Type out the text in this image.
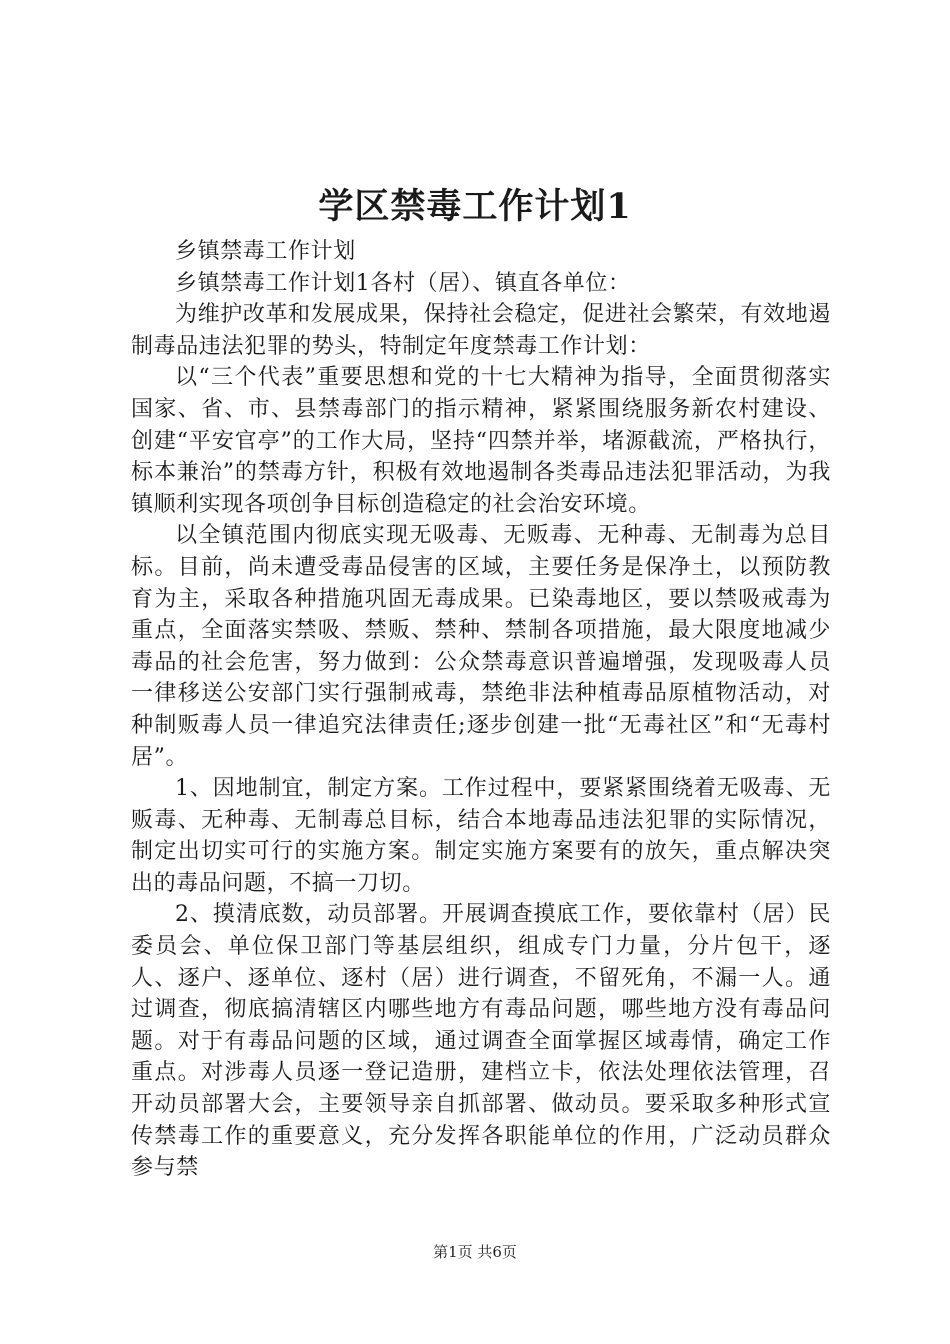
学区禁毒工作计划1

乡镇禁毒工作计划

乡镇禁毒工作计划1各村（居）、镇直各单位：

为维护改革和发展成果，保持社会稳定，促进社会繁荣，有效地遏制毒品违法犯罪的势头，特制定年度禁毒工作计划：

以“三个代表”重要思想和党的十七大精神为指导，全面贯彻落实国家、省、市、县禁毒部门的指示精神，紧紧围绕服务新农村建设、创建“平安官亭”的工作大局，坚持“四禁并举，堵源截流，严格执行，标本兼治”的禁毒方针，积极有效地遏制各类毒品违法犯罪活动，为我镇顺利实现各项创争目标创造稳定的社会治安环境。

以全镇范围内彻底实现无吸毒、无贩毒、无种毒、无制毒为总目标。目前，尚未遭受毒品侵害的区域，主要任务是保净土，以预防教育为主，采取各种措施巩固无毒成果。已染毒地区，要以禁吸戒毒为重点，全面落实禁吸、禁贩、禁种、禁制各项措施，最大限度地减少毒品的社会危害，努力做到：公众禁毒意识普遍增强，发现吸毒人员一律移送公安部门实行强制戒毒，禁绝非法种植毒品原植物活动，对种制贩毒人员一律追究法律责任;逐步创建一批“无毒社区”和“无毒村居”。

1、因地制宜，制定方案。工作过程中，要紧紧围绕着无吸毒、无贩毒、无种毒、无制毒总目标，结合本地毒品违法犯罪的实际情况，制定出切实可行的实施方案。制定实施方案要有的放矢，重点解决突出的毒品问题，不搞一刀切。

2、摸清底数，动员部署。开展调查摸底工作，要依靠村（居）民委员会、单位保卫部门等基层组织，组成专门力量，分片包干，逐人、逐户、逐单位、逐村（居）进行调查，不留死角，不漏一人。通过调查，彻底搞清辖区内哪些地方有毒品问题，哪些地方没有毒品问题。对于有毒品问题的区域，通过调查全面掌握区域毒情，确定工作重点。对涉毒人员逐一登记造册，建档立卡，依法处理依法管理，召开动员部署大会，主要领导亲自抓部署、做动员。要采取多种形式宣传禁毒工作的重要意义，充分发挥各职能单位的作用，广泛动员群众参与禁

第1页 共6页
